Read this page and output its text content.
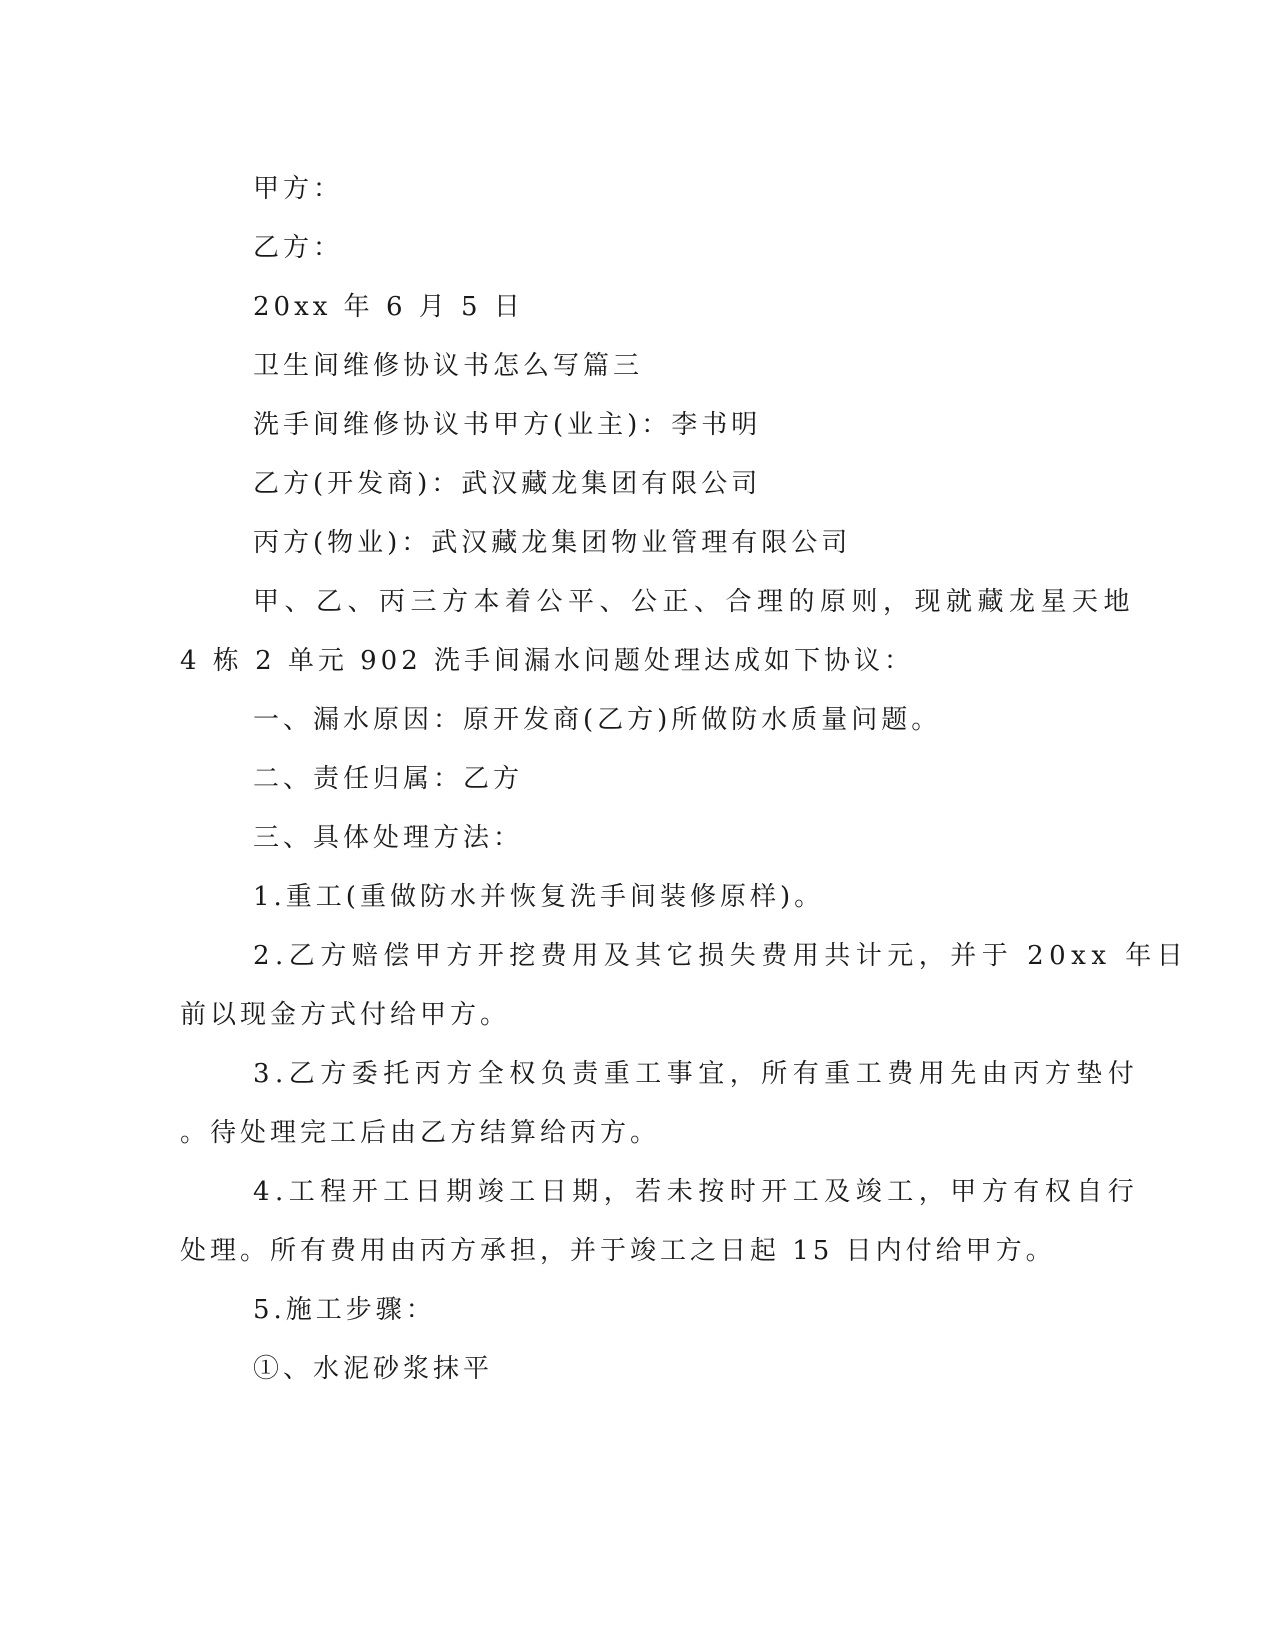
甲方：
乙方：
20xx 年 6 月 5 日
卫生间维修协议书怎么写篇三
洗手间维修协议书甲方(业主)：李书明
乙方(开发商)：武汉藏龙集团有限公司
丙方(物业)：武汉藏龙集团物业管理有限公司
甲、乙、丙三方本着公平、公正、合理的原则，现就藏龙星天地
4 栋 2 单元 902 洗手间漏水问题处理达成如下协议：
一、漏水原因：原开发商(乙方)所做防水质量问题。
二、责任归属：乙方
三、具体处理方法：
1.重工(重做防水并恢复洗手间装修原样)。
2.乙方赔偿甲方开挖费用及其它损失费用共计元，并于 20xx 年日
前以现金方式付给甲方。
3.乙方委托丙方全权负责重工事宜，所有重工费用先由丙方垫付
。待处理完工后由乙方结算给丙方。
4.工程开工日期竣工日期，若未按时开工及竣工，甲方有权自行
处理。所有费用由丙方承担，并于竣工之日起 15 日内付给甲方。
5.施工步骤：
①、水泥砂浆抹平
